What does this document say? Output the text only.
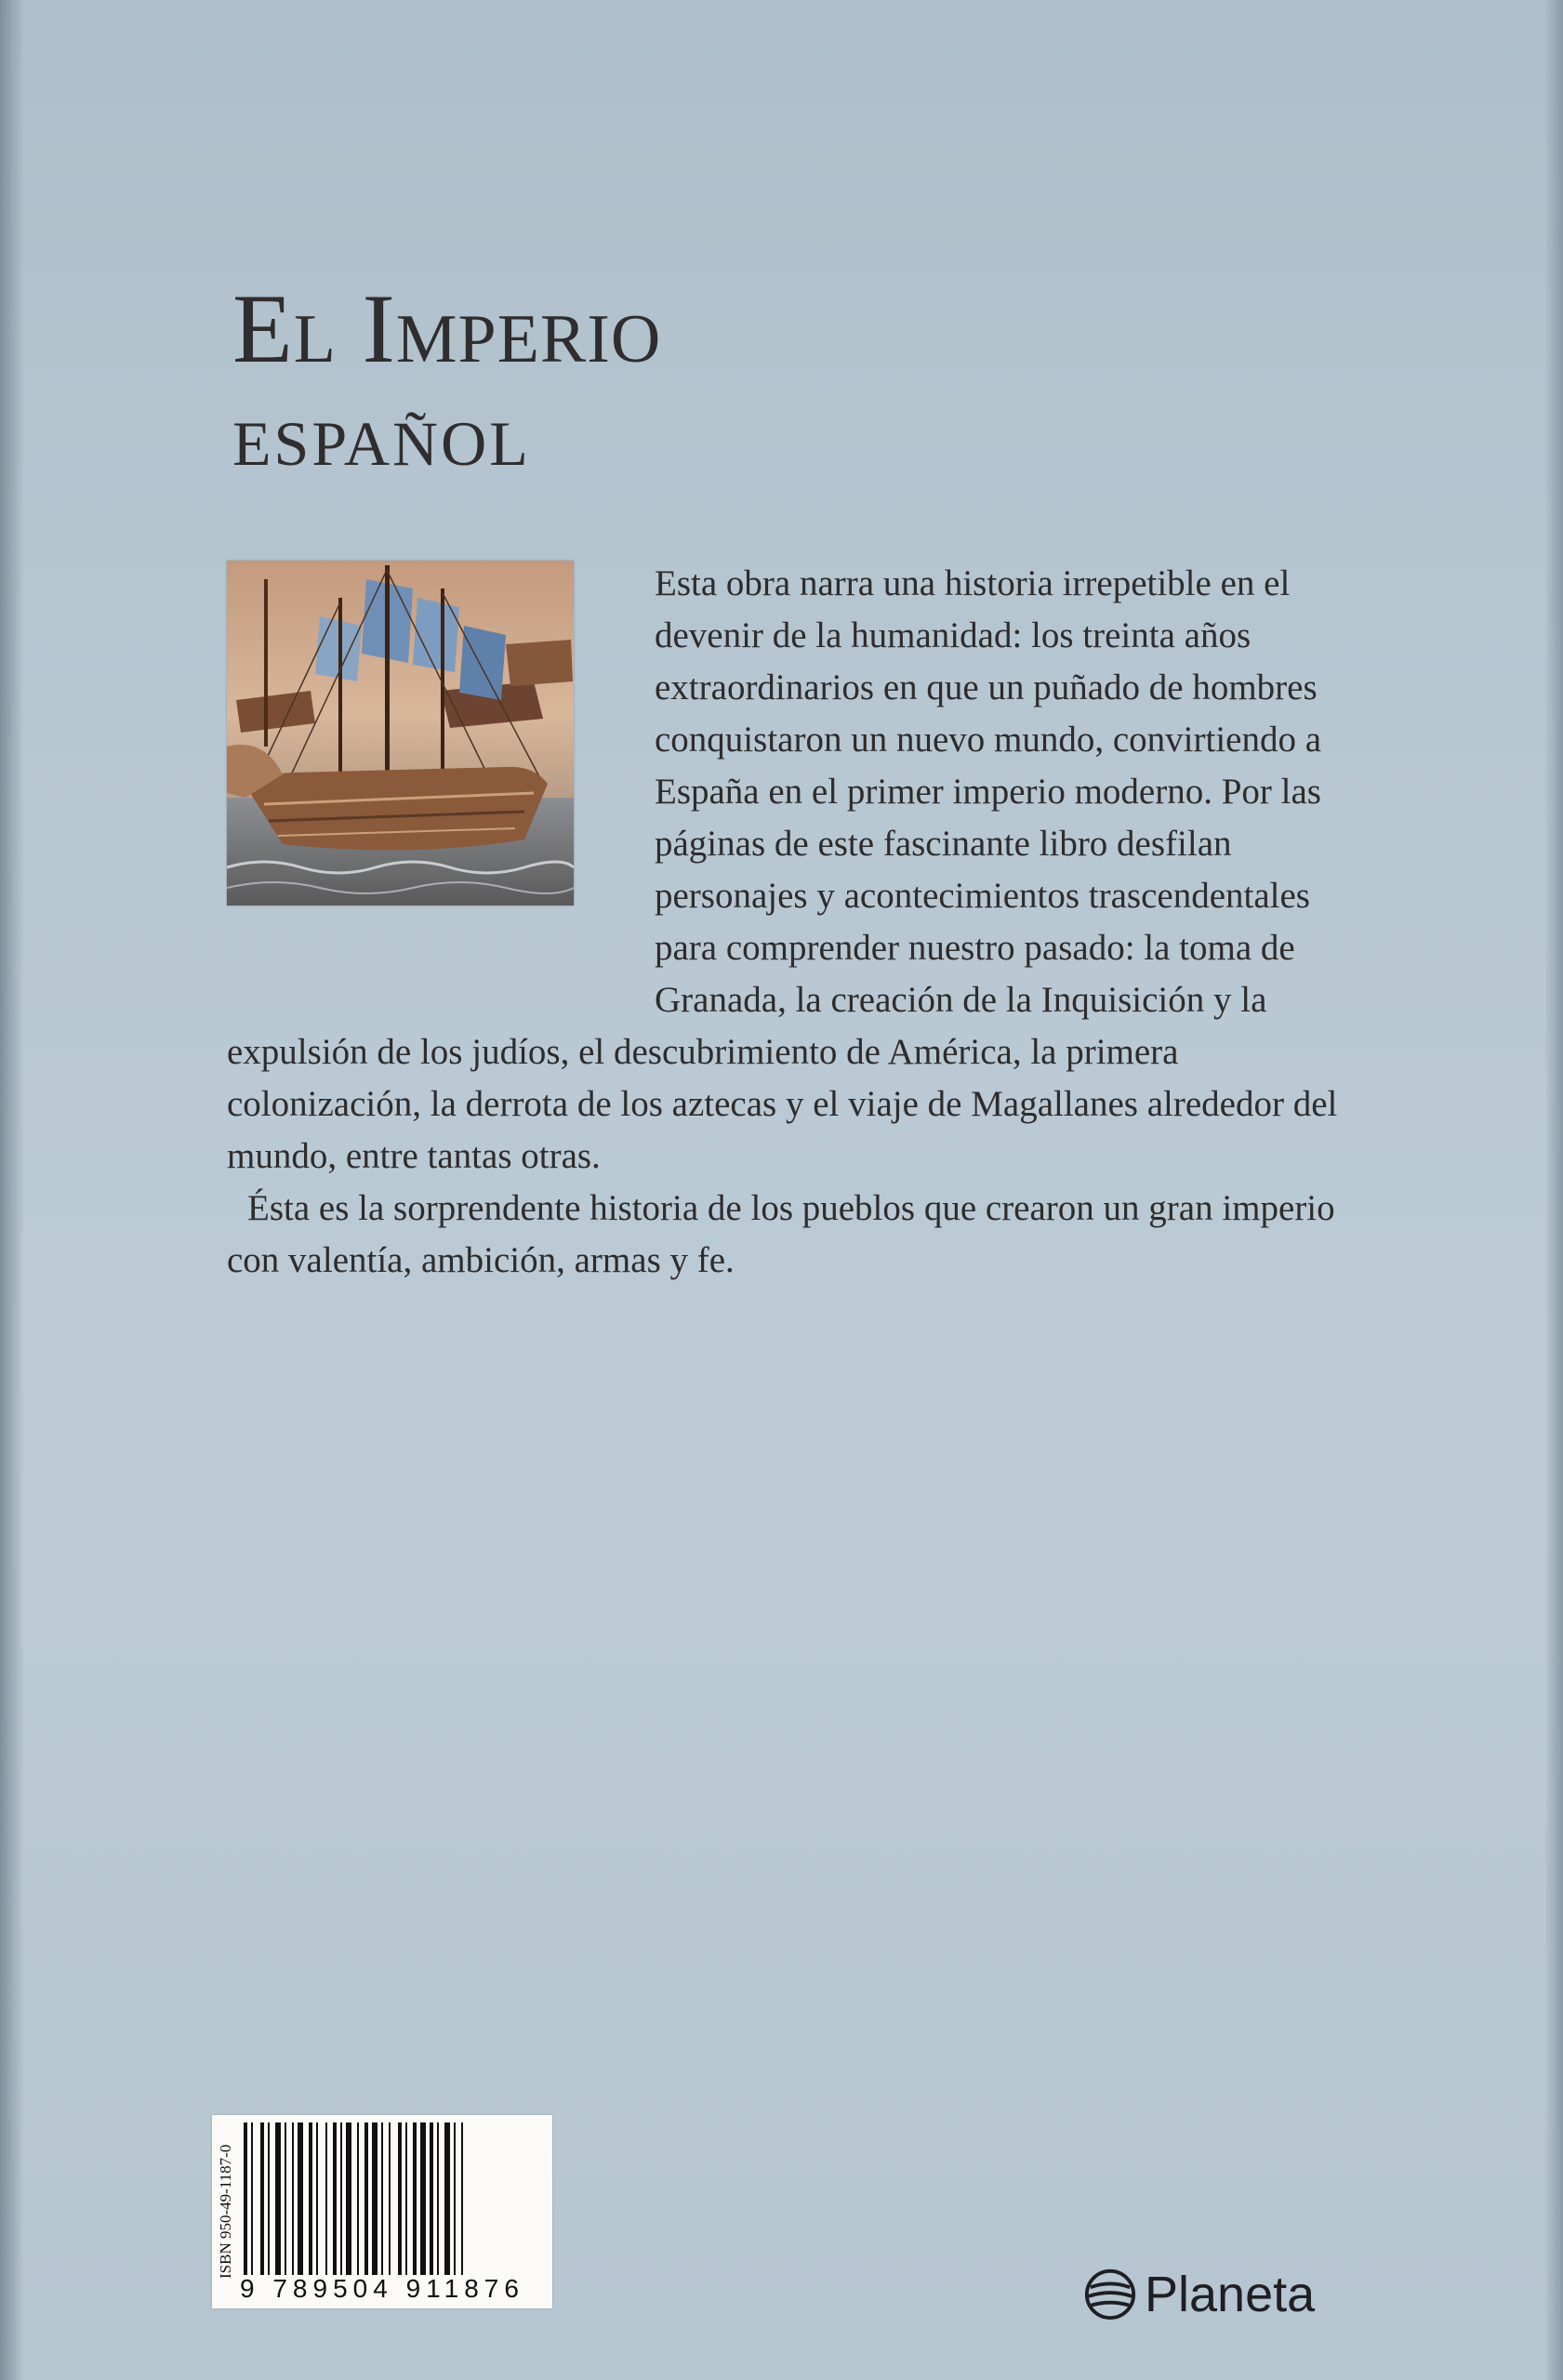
El Imperio
ESPAÑOL

Esta obra narra una historia irrepetible en el devenir de la humanidad: los treinta años extraordinarios en que un puñado de hombres conquistaron un nuevo mundo, convirtiendo a España en el primer imperio moderno. Por las páginas de este fascinante libro desfilan personajes y acontecimientos trascendentales para comprender nuestro pasado: la toma de Granada, la creación de la Inquisición y la expulsión de los judíos, el descubrimiento de América, la primera colonización, la derrota de los aztecas y el viaje de Magallanes alrededor del mundo, entre tantas otras.

Ésta es la sorprendente historia de los pueblos que crearon un gran imperio con valentía, ambición, armas y fe.

ISBN 950-49-1187-0
9 789504 911876	Planeta
